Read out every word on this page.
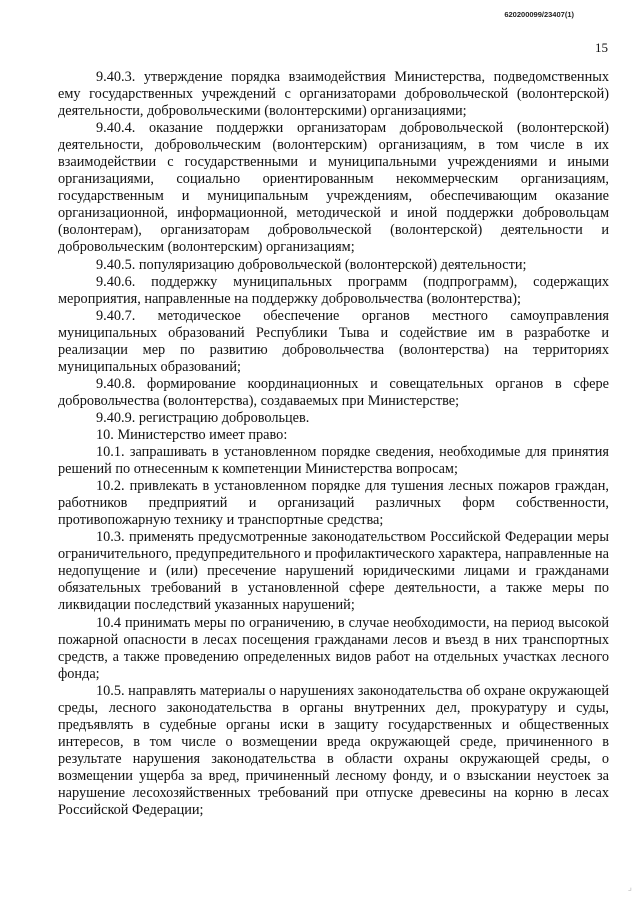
620200099/23407(1)
15

9.40.3. утверждение порядка взаимодействия Министерства, подведомственных ему государственных учреждений с организаторами добровольческой (волонтерской) деятельности, добровольческими (волонтерскими) организациями;

9.40.4. оказание поддержки организаторам добровольческой (волонтерской) деятельности, добровольческим (волонтерским) организациям, в том числе в их взаимодействии с государственными и муниципальными учреждениями и иными организациями, социально ориентированным некоммерческим организациям, государственным и муниципальным учреждениям, обеспечивающим оказание организационной, информационной, методической и иной поддержки добровольцам (волонтерам), организаторам добровольческой (волонтерской) деятельности и добровольческим (волонтерским) организациям;

9.40.5. популяризацию добровольческой (волонтерской) деятельности;

9.40.6. поддержку муниципальных программ (подпрограмм), содержащих мероприятия, направленные на поддержку добровольчества (волонтерства);

9.40.7. методическое обеспечение органов местного самоуправления муниципальных образований Республики Тыва и содействие им в разработке и реализации мер по развитию добровольчества (волонтерства) на территориях муниципальных образований;

9.40.8. формирование координационных и совещательных органов в сфере добровольчества (волонтерства), создаваемых при Министерстве;

9.40.9. регистрацию добровольцев.

10. Министерство имеет право:

10.1. запрашивать в установленном порядке сведения, необходимые для принятия решений по отнесенным к компетенции Министерства вопросам;

10.2. привлекать в установленном порядке для тушения лесных пожаров граждан, работников предприятий и организаций различных форм собственности, противопожарную технику и транспортные средства;

10.3. применять предусмотренные законодательством Российской Федерации меры ограничительного, предупредительного и профилактического характера, направленные на недопущение и (или) пресечение нарушений юридическими лицами и гражданами обязательных требований в установленной сфере деятельности, а также меры по ликвидации последствий указанных нарушений;

10.4 принимать меры по ограничению, в случае необходимости, на период высокой пожарной опасности в лесах посещения гражданами лесов и въезд в них транспортных средств, а также проведению определенных видов работ на отдельных участках лесного фонда;

10.5. направлять материалы о нарушениях законодательства об охране окружающей среды, лесного законодательства в органы внутренних дел, прокуратуру и суды, предъявлять в судебные органы иски в защиту государственных и общественных интересов, в том числе о возмещении вреда окружающей среде, причиненного в результате нарушения законодательства в области охраны окружающей среды, о возмещении ущерба за вред, причиненный лесному фонду, и о взыскании неустоек за нарушение лесохозяйственных требований при отпуске древесины на корню в лесах Российской Федерации;

⌟
